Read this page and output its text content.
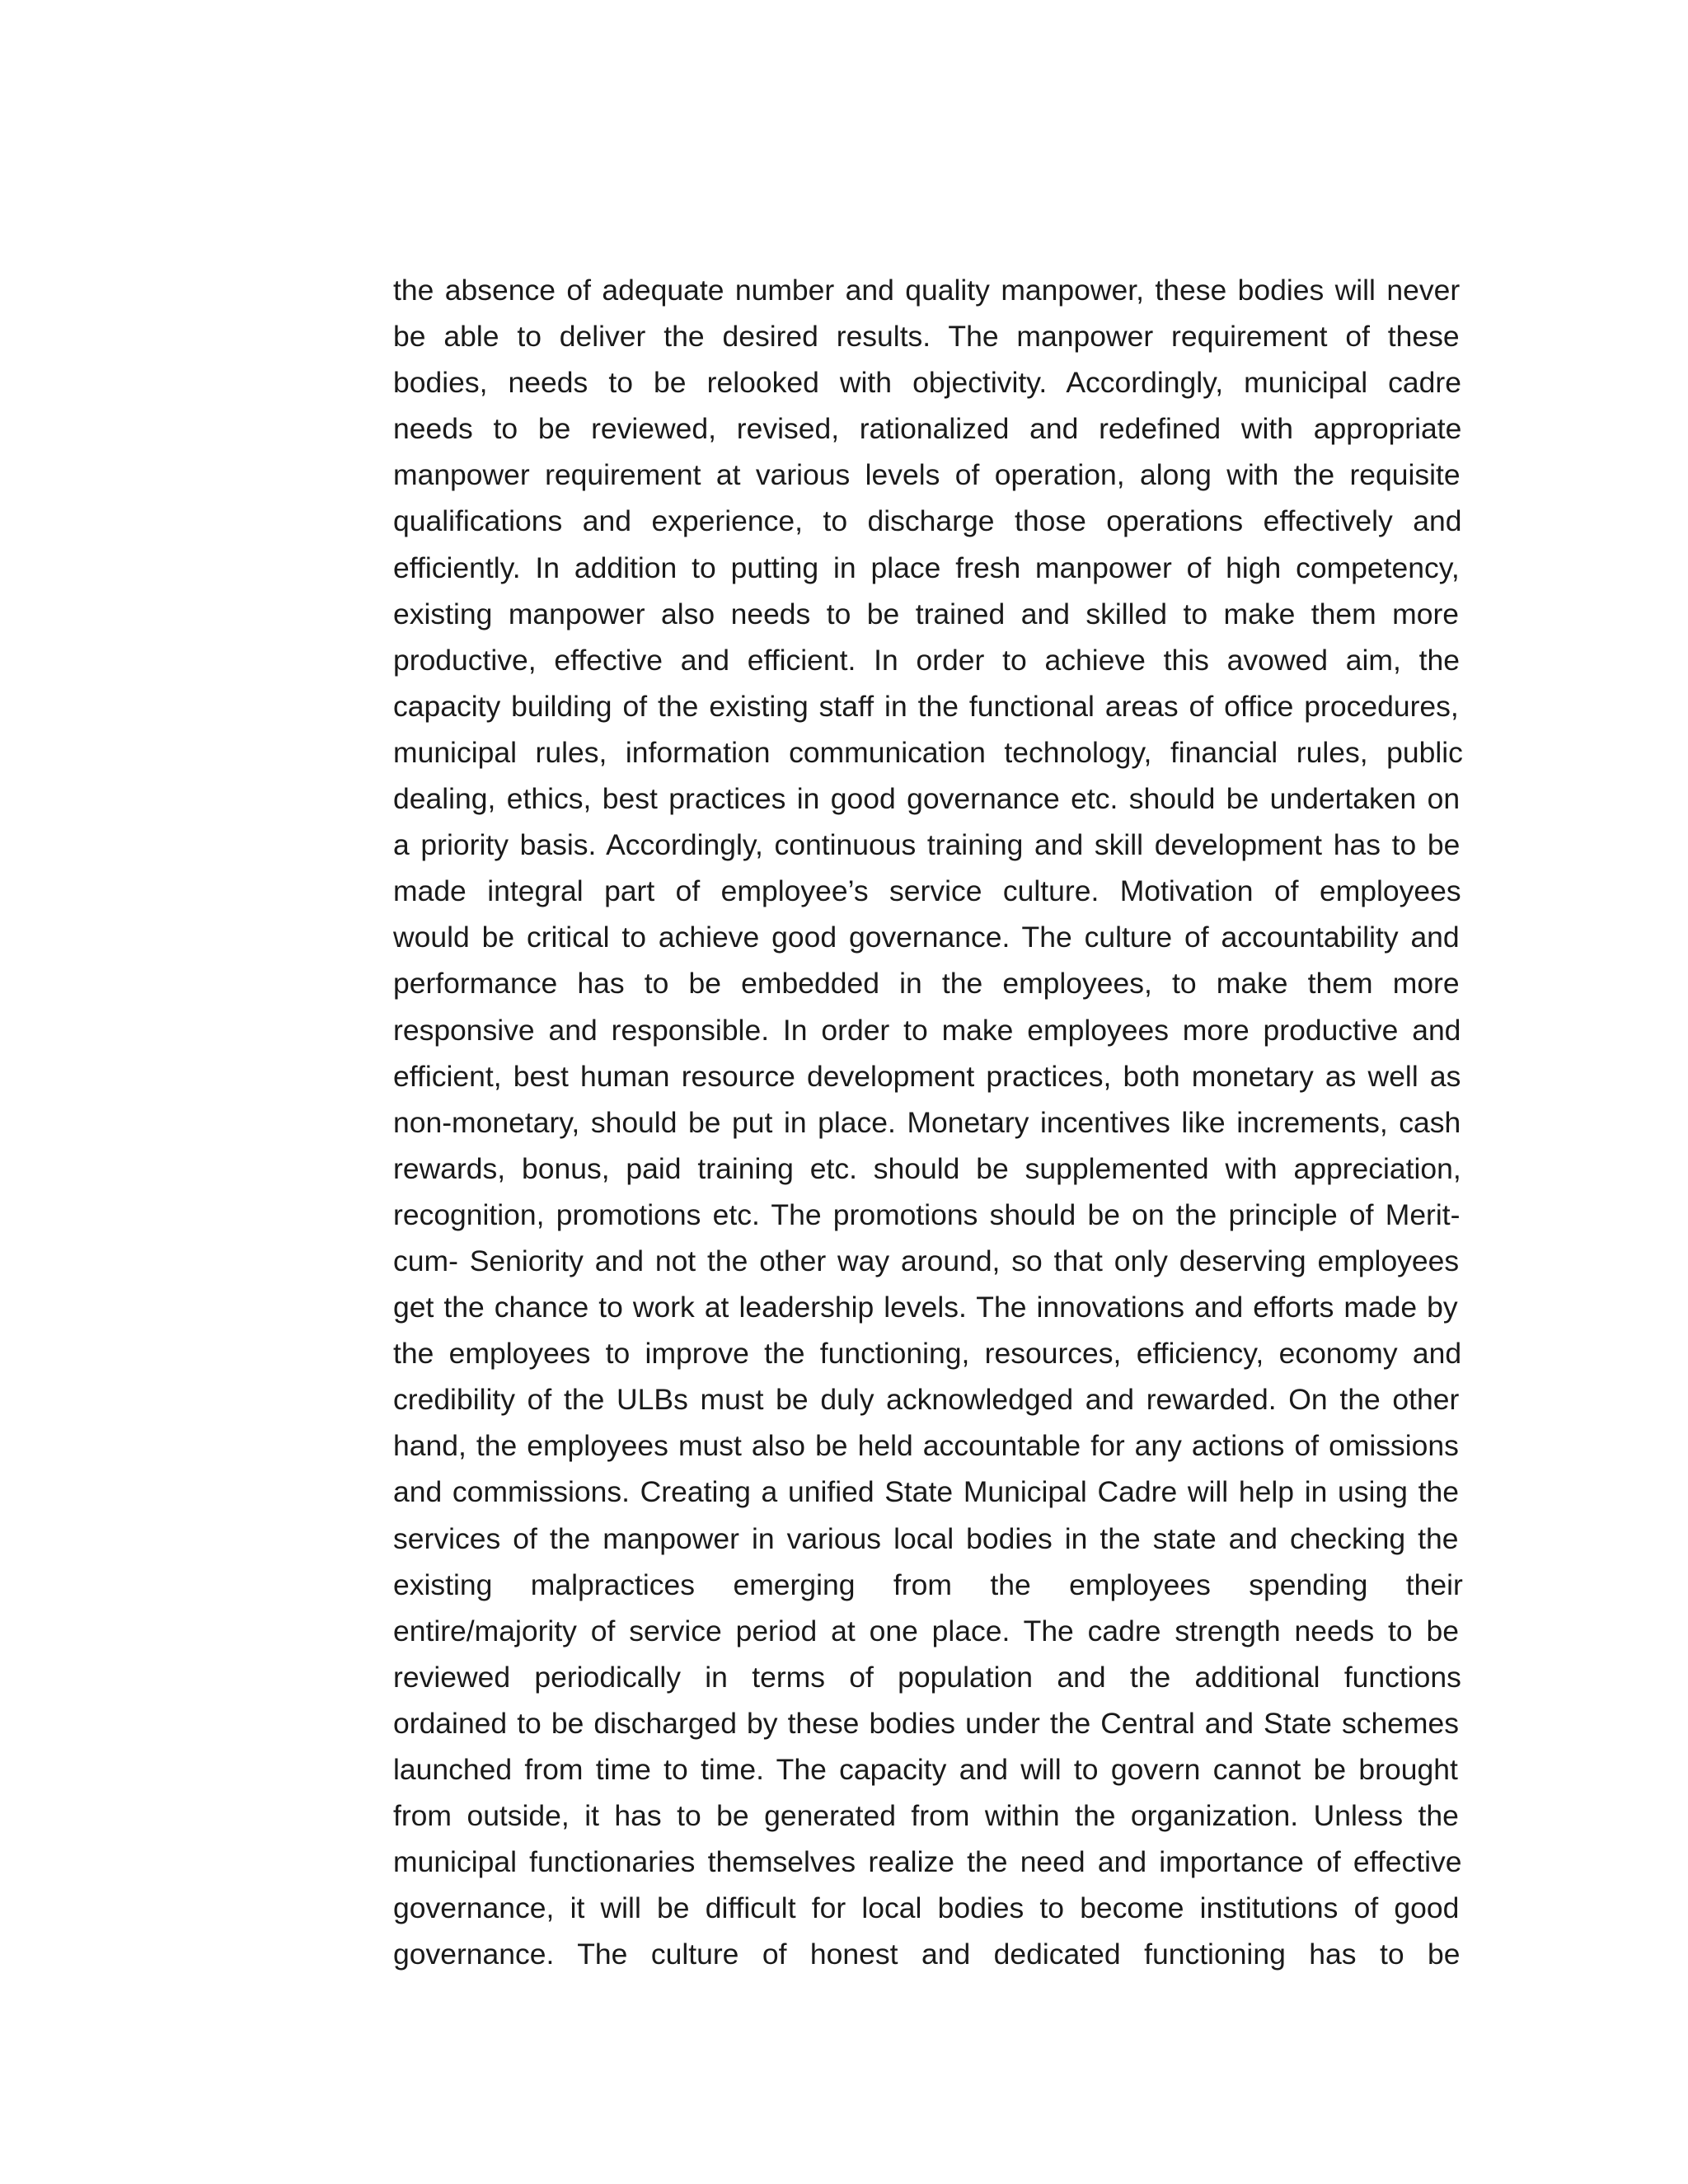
the absence of adequate number and quality manpower, these bodies will never
be able to deliver the desired results. The manpower requirement of these
bodies, needs to be relooked with objectivity. Accordingly, municipal cadre
needs to be reviewed, revised, rationalized and redefined with appropriate
manpower requirement at various levels of operation, along with the requisite
qualifications and experience, to discharge those operations effectively and
efficiently. In addition to putting in place fresh manpower of high competency,
existing manpower also needs to be trained and skilled to make them more
productive, effective and efficient. In order to achieve this avowed aim, the
capacity building of the existing staff in the functional areas of office procedures,
municipal rules, information communication technology, financial rules, public
dealing, ethics, best practices in good governance etc. should be undertaken on
a priority basis. Accordingly, continuous training and skill development has to be
made integral part of employee’s service culture. Motivation of employees
would be critical to achieve good governance. The culture of accountability and
performance has to be embedded in the employees, to make them more
responsive and responsible. In order to make employees more productive and
efficient, best human resource development practices, both monetary as well as
non-monetary, should be put in place. Monetary incentives like increments, cash
rewards, bonus, paid training etc. should be supplemented with appreciation,
recognition, promotions etc. The promotions should be on the principle of Merit-
cum- Seniority and not the other way around, so that only deserving employees
get the chance to work at leadership levels. The innovations and efforts made by
the employees to improve the functioning, resources, efficiency, economy and
credibility of the ULBs must be duly acknowledged and rewarded. On the other
hand, the employees must also be held accountable for any actions of omissions
and commissions. Creating a unified State Municipal Cadre will help in using the
services of the manpower in various local bodies in the state and checking the
existing malpractices emerging from the employees spending their
entire/majority of service period at one place. The cadre strength needs to be
reviewed periodically in terms of population and the additional functions
ordained to be discharged by these bodies under the Central and State schemes
launched from time to time. The capacity and will to govern cannot be brought
from outside, it has to be generated from within the organization. Unless the
municipal functionaries themselves realize the need and importance of effective
governance, it will be difficult for local bodies to become institutions of good
governance. The culture of honest and dedicated functioning has to be
